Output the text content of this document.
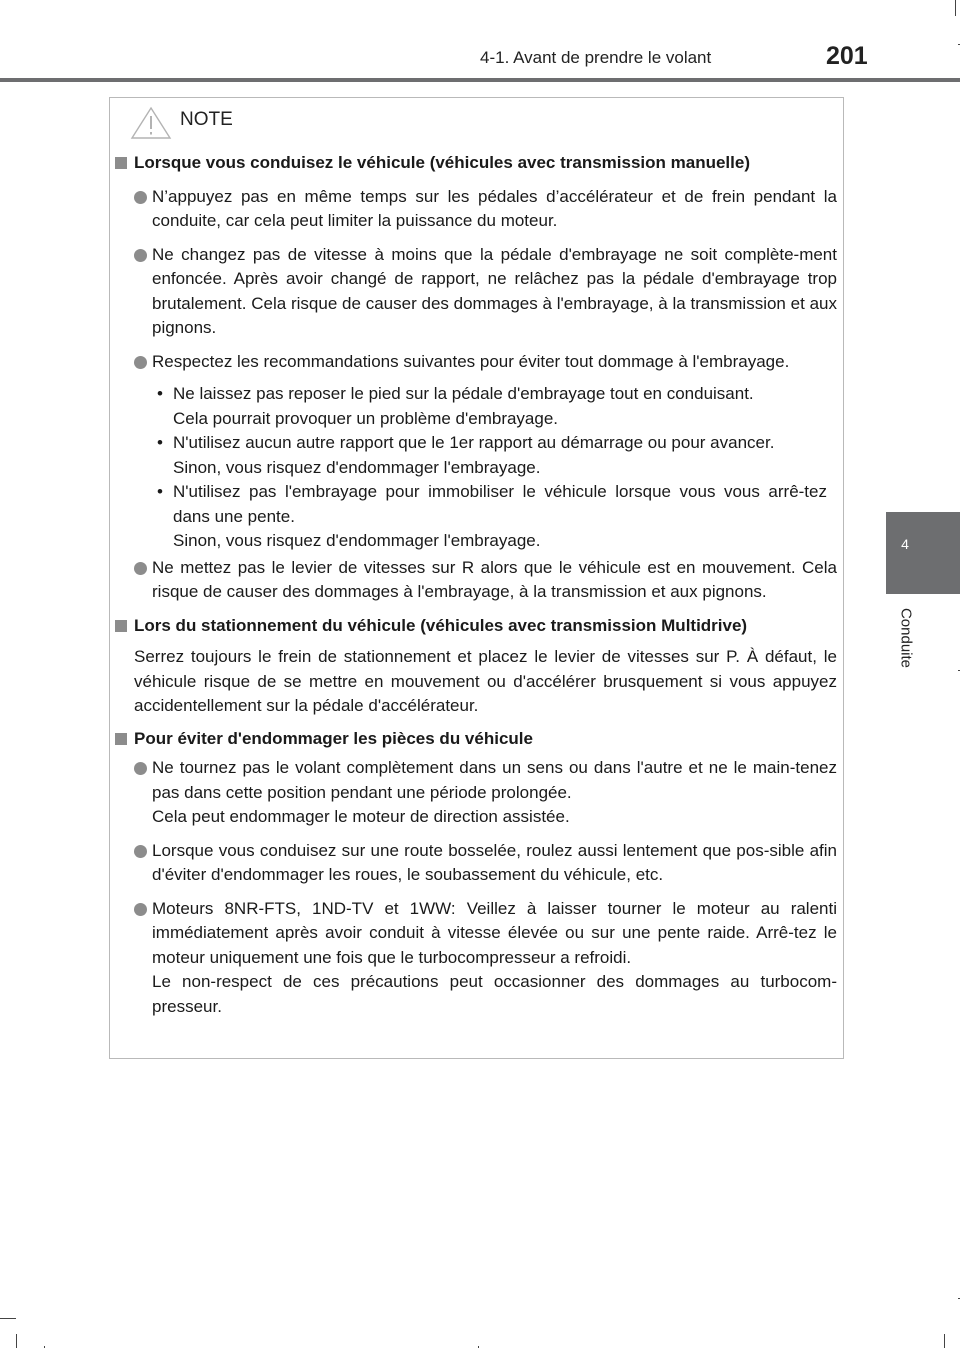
4-1. Avant de prendre le volant	201
4
Conduite
NOTE
Lorsque vous conduisez le véhicule (véhicules avec transmission manuelle)
N’appuyez pas en même temps sur les pédales d’accélérateur et de frein pendant la conduite, car cela peut limiter la puissance du moteur.
Ne changez pas de vitesse à moins que la pédale d'embrayage ne soit complète-ment enfoncée. Après avoir changé de rapport, ne relâchez pas la pédale d'embrayage trop brutalement. Cela risque de causer des dommages à l'embrayage, à la transmission et aux pignons.
Respectez les recommandations suivantes pour éviter tout dommage à l'embrayage.
• Ne laissez pas reposer le pied sur la pédale d'embrayage tout en conduisant.
Cela pourrait provoquer un problème d'embrayage.
• N'utilisez aucun autre rapport que le 1er rapport au démarrage ou pour avancer.
Sinon, vous risquez d'endommager l'embrayage.
• N'utilisez pas l'embrayage pour immobiliser le véhicule lorsque vous vous arrê-tez dans une pente.
Sinon, vous risquez d'endommager l'embrayage.
Ne mettez pas le levier de vitesses sur R alors que le véhicule est en mouvement. Cela risque de causer des dommages à l'embrayage, à la transmission et aux pignons.
Lors du stationnement du véhicule (véhicules avec transmission Multidrive)
Serrez toujours le frein de stationnement et placez le levier de vitesses sur P. À défaut, le véhicule risque de se mettre en mouvement ou d'accélérer brusquement si vous appuyez accidentellement sur la pédale d'accélérateur.
Pour éviter d'endommager les pièces du véhicule
Ne tournez pas le volant complètement dans un sens ou dans l'autre et ne le main-tenez pas dans cette position pendant une période prolongée.
Cela peut endommager le moteur de direction assistée.
Lorsque vous conduisez sur une route bosselée, roulez aussi lentement que pos-sible afin d'éviter d'endommager les roues, le soubassement du véhicule, etc.
Moteurs 8NR-FTS, 1ND-TV et 1WW: Veillez à laisser tourner le moteur au ralenti immédiatement après avoir conduit à vitesse élevée ou sur une pente raide. Arrê-tez le moteur uniquement une fois que le turbocompresseur a refroidi.
Le non-respect de ces précautions peut occasionner des dommages au turbocom-presseur.
